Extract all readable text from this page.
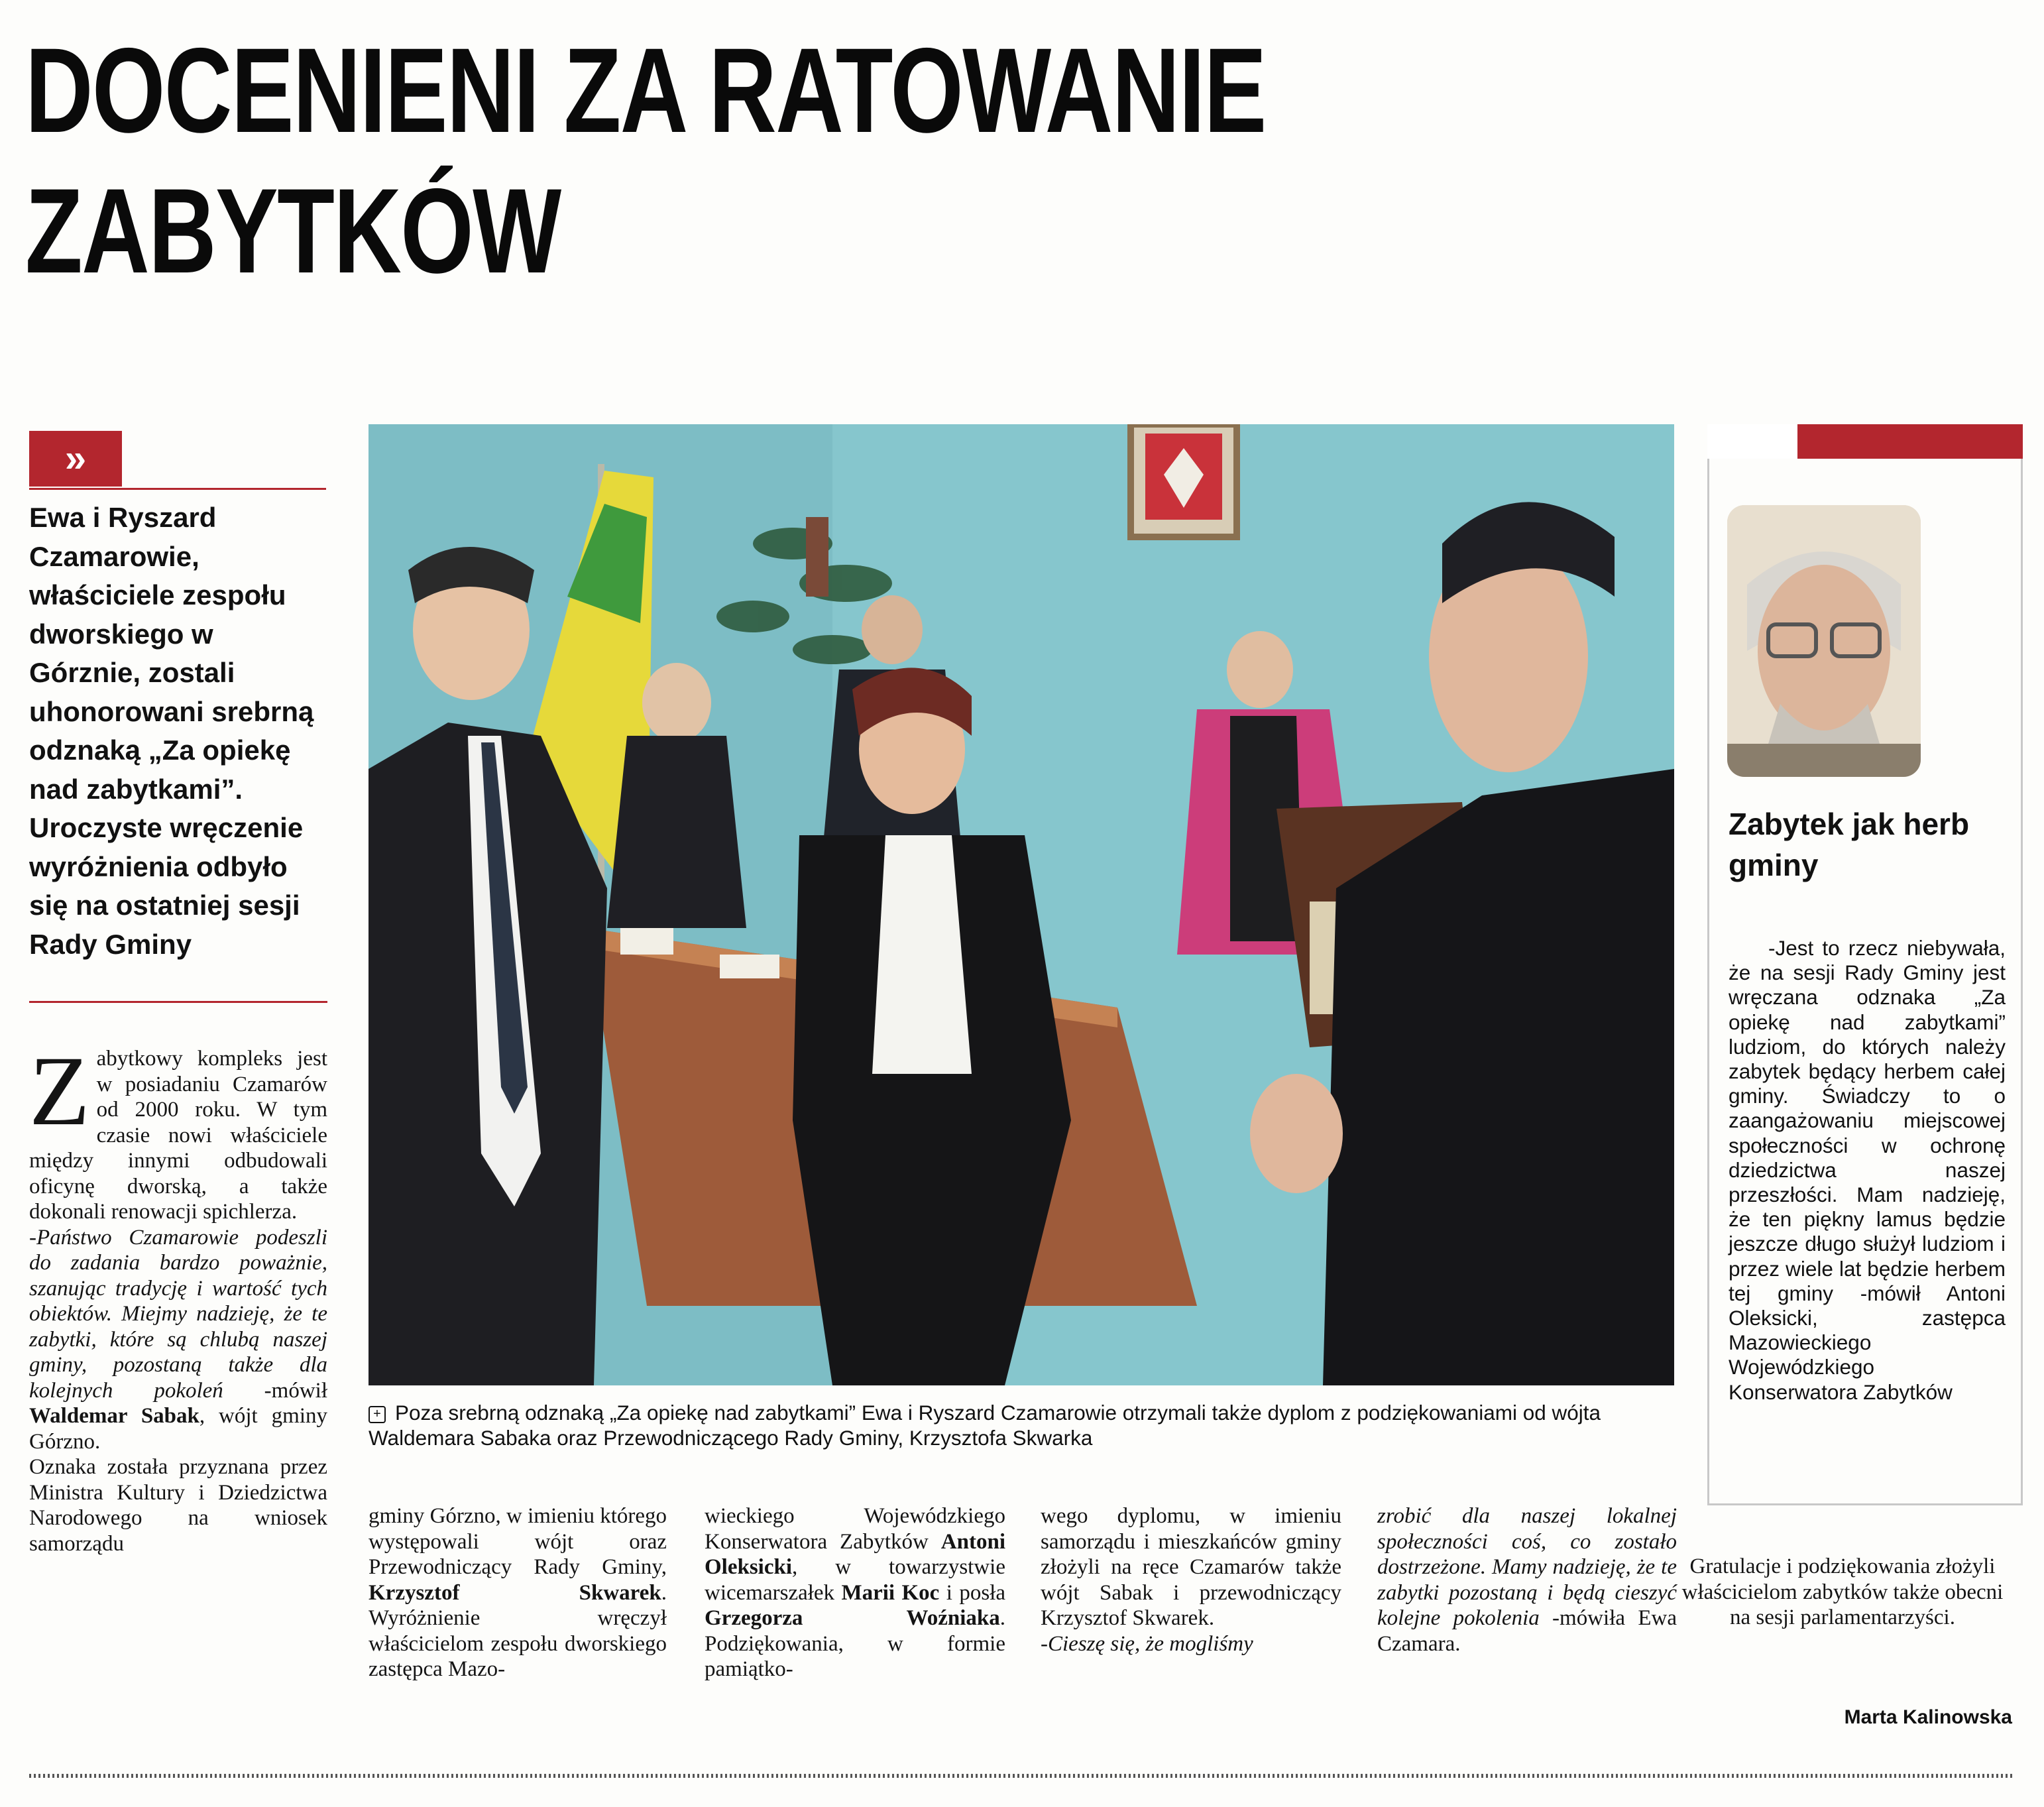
DOCENIENI ZA RATOWANIE
ZABYTKÓW
»
Ewa i Ryszard Czamarowie, właściciele zespołu dworskiego w Górznie, zostali uhonorowani srebrną odznaką „Za opiekę nad zabytkami”. Uroczyste wręczenie wyróżnienia odbyło się na ostatniej sesji Rady Gminy
Zabytkowy kompleks jest w posiadaniu Czamarów od 2000 roku. W tym czasie nowi właściciele między innymi odbudowali oficynę dworską, a także dokonali renowacji spichlerza.
-Państwo Czamarowie podeszli do zadania bardzo poważnie, szanując tradycję i wartość tych obiektów. Miejmy nadzieję, że te zabytki, które są chlubą naszej gminy, pozostaną także dla kolejnych pokoleń -mówił Waldemar Sabak, wójt gminy Górzno.
Oznaka została przyznana przez Ministra Kultury i Dziedzictwa Narodowego na wniosek samorządu
+ Poza srebrną odznaką „Za opiekę nad zabytkami” Ewa i Ryszard Czamarowie otrzymali także dyplom z podziękowaniami od wójta Waldemara Sabaka oraz Przewodniczącego Rady Gminy, Krzysztofa Skwarka
gminy Górzno, w imieniu którego występowali wójt oraz Przewodniczący Rady Gminy, Krzysztof Skwarek. Wyróżnienie wręczył właścicielom zespołu dworskiego zastępca Mazo-
wieckiego Wojewódzkiego Konserwatora Zabytków Antoni Oleksicki, w towarzystwie wicemarszałek Marii Koc i posła Grzegorza Woźniaka. Podziękowania, w formie pamiątko-
wego dyplomu, w imieniu samorządu i mieszkańców gminy złożyli na ręce Czamarów także wójt Sabak i przewodniczący Krzysztof Skwarek.
-Cieszę się, że mogliśmy
zrobić dla naszej lokalnej społeczności coś, co zostało dostrzeżone. Mamy nadzieję, że te zabytki pozostaną i będą cieszyć kolejne pokolenia -mówiła Ewa Czamara.
Zabytek jak herb gminy

-Jest to rzecz niebywała, że na sesji Rady Gminy jest wręczana odznaka „Za opiekę nad zabytkami” ludziom, do których należy zabytek będący herbem całej gminy. Świadczy to o zaangażowaniu miejscowej społeczności w ochronę dziedzictwa naszej przeszłości. Mam nadzieję, że ten piękny lamus będzie jeszcze długo służył ludziom i przez wiele lat będzie herbem tej gminy -mówił Antoni Oleksicki, zastępca Mazowieckiego Wojewódzkiego Konserwatora Zabytków

Gratulacje i podziękowania złożyli właścicielom zabytków także obecni na sesji parlamentarzyści.
Marta Kalinowska
